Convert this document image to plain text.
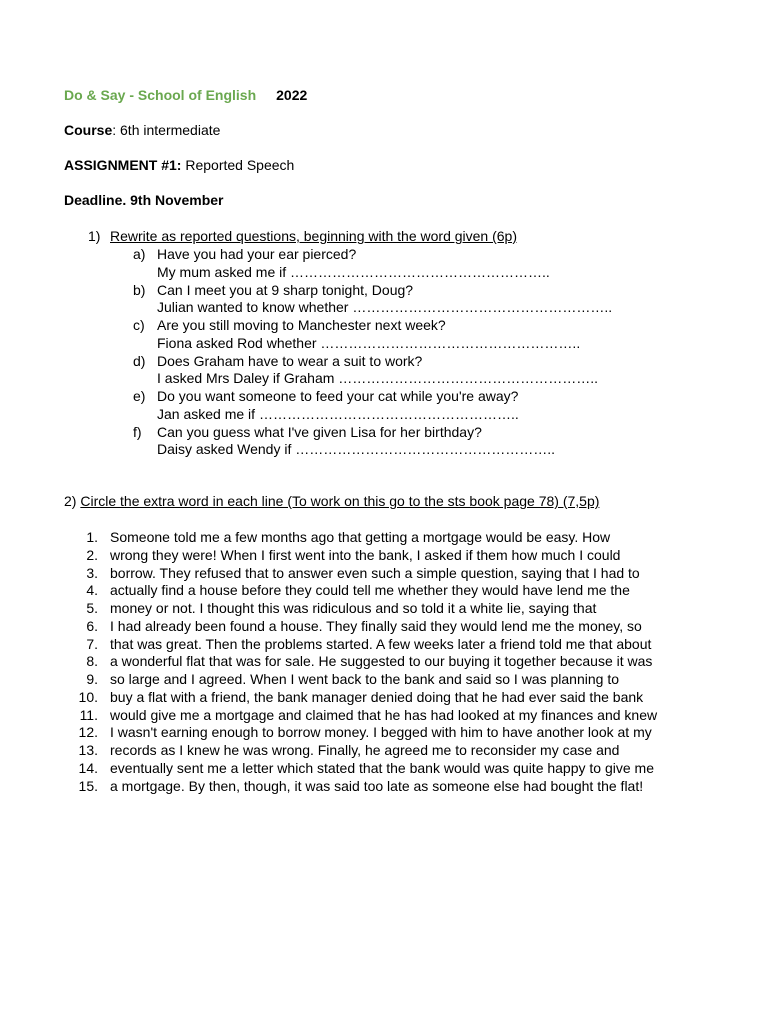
Do & Say - School of English 2022
Course: 6th intermediate
ASSIGNMENT #1: Reported Speech
Deadline. 9th November
1) Rewrite as reported questions, beginning with the word given (6p)
a) Have you had your ear pierced?
My mum asked me if ………………………………………………..
b) Can I meet you at 9 sharp tonight, Doug?
Julian wanted to know whether ………………………………………………..
c) Are you still moving to Manchester next week?
Fiona asked Rod whether ………………………………………………..
d) Does Graham have to wear a suit to work?
I asked Mrs Daley if Graham ………………………………………………..
e) Do you want someone to feed your cat while you're away?
Jan asked me if ………………………………………………..
f) Can you guess what I've given Lisa for her birthday?
Daisy asked Wendy if ………………………………………………..
2) Circle the extra word in each line (To work on this go to the sts book page 78) (7,5p)
1. Someone told me a few months ago that getting a mortgage would be easy. How
2. wrong they were! When I first went into the bank, I asked if them how much I could
3. borrow. They refused that to answer even such a simple question, saying that I had to
4. actually find a house before they could tell me whether they would have lend me the
5. money or not. I thought this was ridiculous and so told it a white lie, saying that
6. I had already been found a house. They finally said they would lend me the money, so
7. that was great. Then the problems started. A few weeks later a friend told me that about
8. a wonderful flat that was for sale. He suggested to our buying it together because it was
9. so large and I agreed. When I went back to the bank and said so I was planning to
10. buy a flat with a friend, the bank manager denied doing that he had ever said the bank
11. would give me a mortgage and claimed that he has had looked at my finances and knew
12. I wasn't earning enough to borrow money. I begged with him to have another look at my
13. records as I knew he was wrong. Finally, he agreed me to reconsider my case and
14. eventually sent me a letter which stated that the bank would was quite happy to give me
15. a mortgage. By then, though, it was said too late as someone else had bought the flat!
